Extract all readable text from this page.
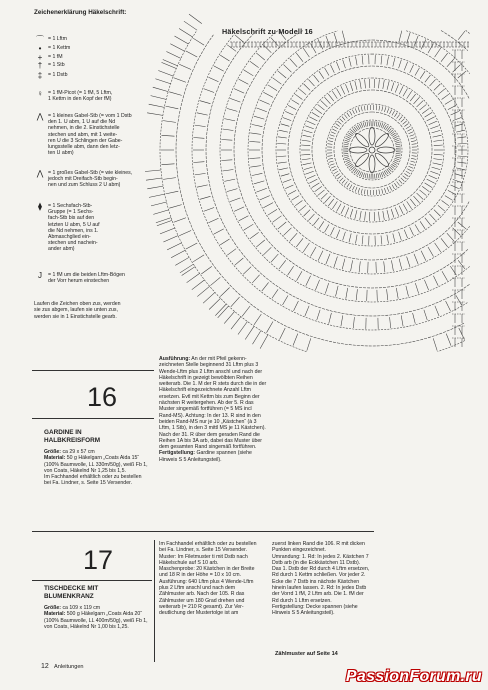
Zeichenerklärung Häkelschrift:
⌒ = 1 Lftm
•	= 1 Kettm
+	= 1 fM
†	= 1 Stb
‡	= 1 Dstb
♀ = 1 fM-Picot (= 1 fM, 5 Lftm,
1 Kettm in den Kopf der fM)
⋀ = 1 kleines Gabel-Stb (= vom 1 Dstb
den 1. U abm, 1 U auf die Nd
nehmen, in die 2. Einstichstelle
stechen und abm, mit 1 weite-
ren U die 3 Schlingen der Gabe-
lungsstelle abm, dann den letz-
ten U abm)
⋀ = 1 großes Gabel-Stb (= wie kleines,
jedoch mit Dreifach-Stb begin-
nen und zum Schluss 2 U abm)
⧫	= 1 Sechsfach-Stb-
Gruppe (= 1 Sechs-
fach-Stb bis auf den
letzten U abm, 5 U auf
die Nd nehmen, ins 1.
Abmaschglied ein-
stechen und nachein-
ander abm)
J	= 1 fM um die beiden Lftm-Bögen
der Vorr herum einstechen
Laufen die Zeichen oben zus, werden
sie zus abgem, laufen sie unten zus,
werden sie in 1 Einstichstelle gearb.
Häkelschrift zu Modell 16
16
GARDINE IN
HALBKREISFORM
Größe: ca 29 x 57 cm
Material: 50 g Häkelgarn „Coats Aida 15“ (100% Baumwolle, LL 330m/50g), weiß Fb 1, von Coats, Häkelnd Nr 1,25 bis 1,5.
Im Fachhandel erhältlich oder zu bestellen bei Fa. Lindner, s. Seite 15 Versender.
Ausführung: An der mit Pfeil gekenn-zeichneten Stelle beginnend 31 Lftm plus 3 Wende-Lftm plus 2 Lftm anschl und nach der Häkelschrift in gezeigt bewölbten Reihen weiterarb. Die 1. M der R stets durch die in der Häkelschrift eingezeichnete Anzahl Lftm ersetzen. Evtl mit Kettm bis zum Beginn der nächsten R weitergehen. Ab der 5. R das Muster singemäß fortführen (= 5 MS incl Rand-MS). Achtung: In der 13. R sind in den beiden Rand-MS nur je 10 „Kästchen“ (à 3 Lftm, 1 Stb), in den 3 mittl MS je 11 Kästchen). Nach der 31. R über dem geraden Rand die Reihen 1A bis 3A arb, dabei das Muster über dem gesamten Rand singemäß fortführen.
Fertigstellung: Gardine spannen (siehe Hinweis S 5 Anleitungsteil).
17
TISCHDECKE MIT
BLUMENKRANZ
Größe: ca 109 x 119 cm
Material: 500 g Häkelgarn „Coats Aida 20“ (100% Baumwolle, LL 400m/50g), weiß Fb 1, von Coats, Häkelnd Nr 1,00 bis 1,25.
Im Fachhandel erhältlich oder zu bestellen bei Fa. Lindner, s. Seite 15 Versender.
Muster: Im Filetmuster ti mit Dstb nach Häkelschule auf S 10 arb.
Maschenprobe: 20 Kästchen in der Breite und 18 R in der Höhe = 10 x 10 cm.
Ausführung: 640 Lftm plus 4 Wende-Lftm plus 2 Lftm anschl und nach dem Zählmuster arb. Nach der 105. R das Zählmuster um 180 Grad drehen und weiterarb (= 210 R gesamt). Zur Ver-deutlichung der Mustertolge ist am
zuerst linken Rand die 106. R mit dicken Punkten eingezeichnet.
Umrandung: 1. Rd: In jedes 2. Kästchen 7 Dstb arb (in die Eckkästchen 11 Dstb). Das 1. Dstb der Rd durch 4 Lftm ersetzen, Rd durch 1 Kettm schließen. Vor jeder 2. Ecke die 7 Dstb ins nächste Kästchen hinein laufen lassen. 2. Rd: In jedes Dstb der Vorrd 1 fM, 2 Lftm arb. Die 1. fM der Rd durch 1 Lftm ersetzen.
Fertigstellung: Decke spannen (siehe Hinweis S 5 Anleitungsteil).
Zählmuster auf Seite 14
12 Anleitungen
PassionForum.ru
